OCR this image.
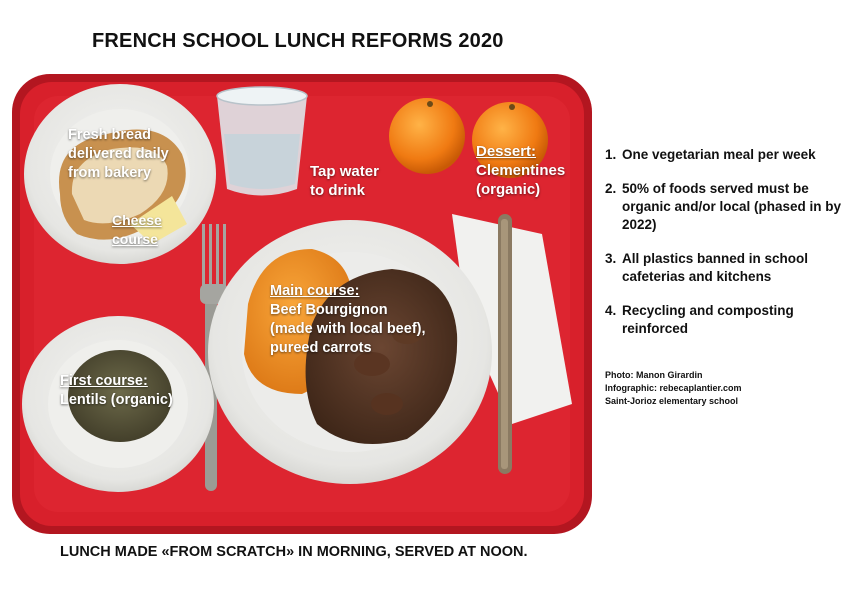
FRENCH SCHOOL LUNCH REFORMS 2020
Fresh bread
delivered daily
from bakery
Cheese
course
Tap water
to drink
Dessert:
Clementines
(organic)
Main course:
Beef Bourgignon
(made with local beef),
pureed carrots
First course:
Lentils (organic)
1. One vegetarian meal per week
2. 50% of foods served must be organic and/or local (phased in by 2022)
3. All plastics banned in school cafeterias and kitchens
4. Recycling and composting reinforced
Photo: Manon Girardin
Infographic: rebecaplantier.com
Saint-Jorioz elementary school
LUNCH MADE «FROM SCRATCH» IN MORNING, SERVED AT NOON.
